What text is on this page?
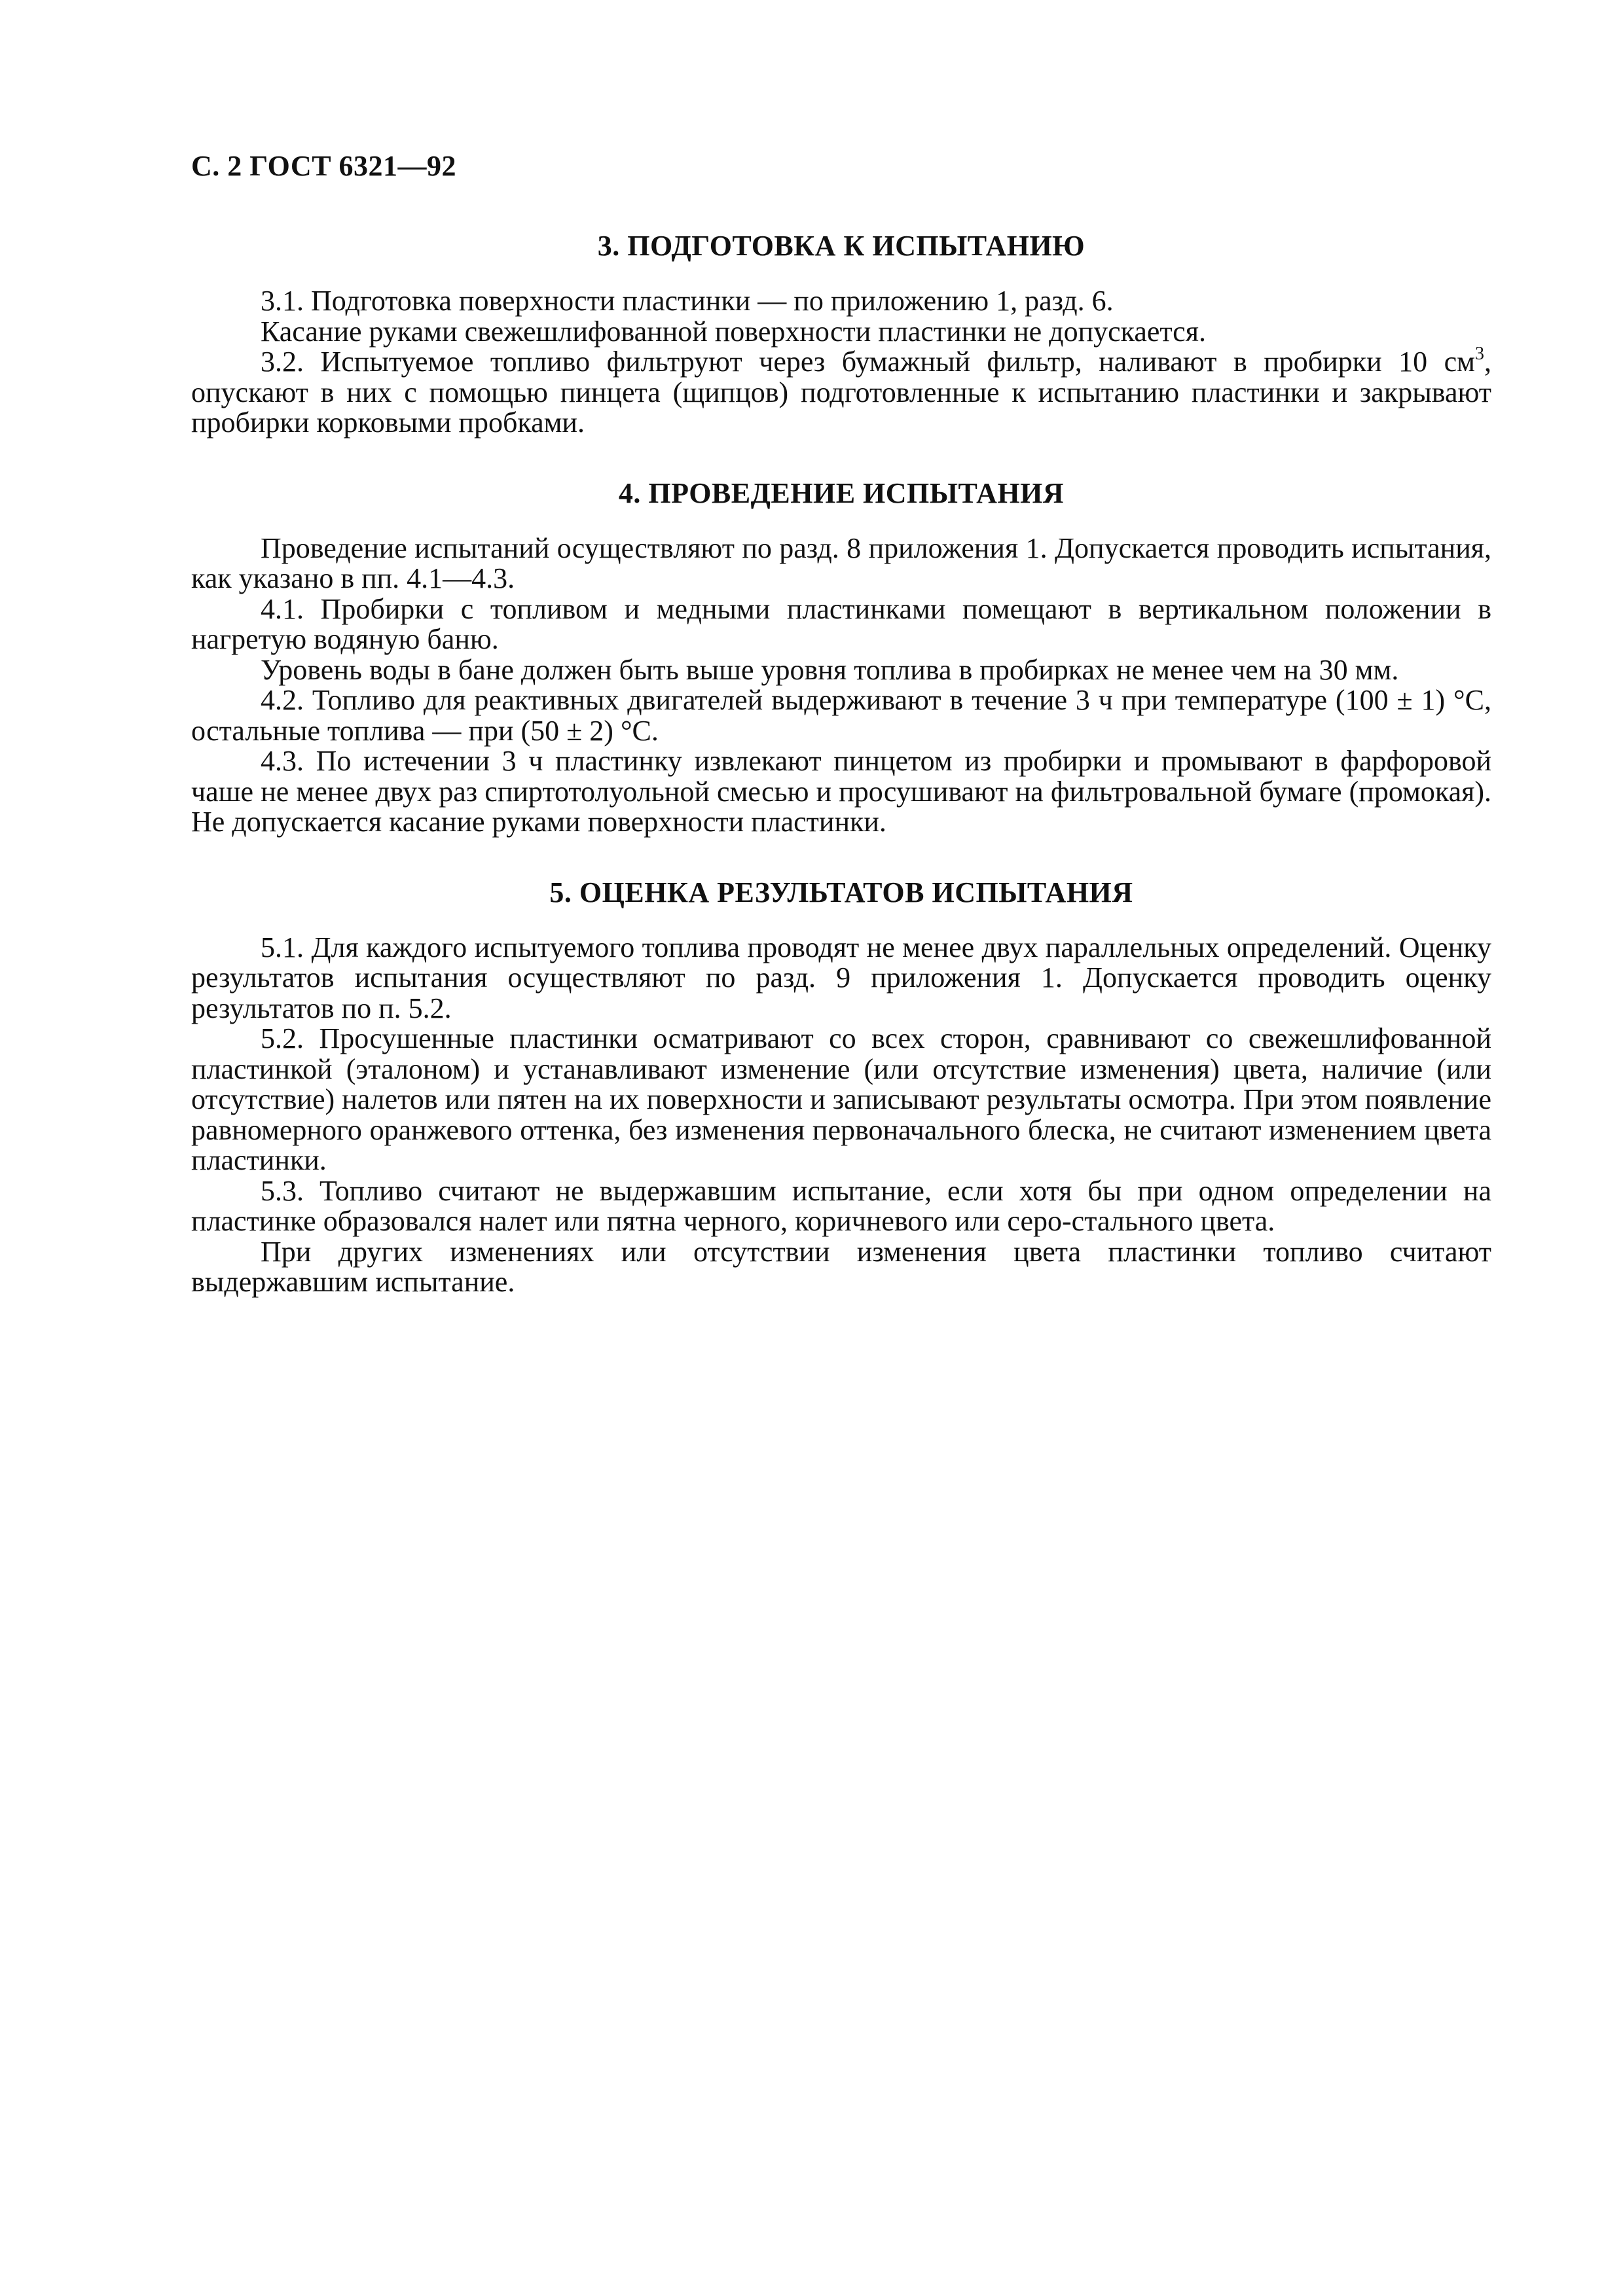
С. 2 ГОСТ 6321—92
3. ПОДГОТОВКА К ИСПЫТАНИЮ

3.1. Подготовка поверхности пластинки — по приложению 1, разд. 6.

Касание руками свежешлифованной поверхности пластинки не допускается.

3.2. Испытуемое топливо фильтруют через бумажный фильтр, наливают в пробирки 10 $см^3$, опускают в них с помощью пинцета (щипцов) подготовленные к испытанию пластинки и закрывают пробирки корковыми пробками.

4. ПРОВЕДЕНИЕ ИСПЫТАНИЯ

Проведение испытаний осуществляют по разд. 8 приложения 1. Допускается проводить испытания, как указано в пп. 4.1—4.3.

4.1. Пробирки с топливом и медными пластинками помещают в вертикальном положении в нагретую водяную баню.

Уровень воды в бане должен быть выше уровня топлива в пробирках не менее чем на 30 мм.

4.2. Топливо для реактивных двигателей выдерживают в течение 3 ч при температуре (100 ± 1) °С, остальные топлива — при (50 ± 2) °С.

4.3. По истечении 3 ч пластинку извлекают пинцетом из пробирки и промывают в фарфоровой чаше не менее двух раз спиртотолуольной смесью и просушивают на фильтровальной бумаге (промокая). Не допускается касание руками поверхности пластинки.

5. ОЦЕНКА РЕЗУЛЬТАТОВ ИСПЫТАНИЯ

5.1. Для каждого испытуемого топлива проводят не менее двух параллельных определений. Оценку результатов испытания осуществляют по разд. 9 приложения 1. Допускается проводить оценку результатов по п. 5.2.

5.2. Просушенные пластинки осматривают со всех сторон, сравнивают со свежешлифованной пластинкой (эталоном) и устанавливают изменение (или отсутствие изменения) цвета, наличие (или отсутствие) налетов или пятен на их поверхности и записывают результаты осмотра. При этом появление равномерного оранжевого оттенка, без изменения первоначального блеска, не считают изменением цвета пластинки.

5.3. Топливо считают не выдержавшим испытание, если хотя бы при одном определении на пластинке образовался налет или пятна черного, коричневого или серо-стального цвета.

При других изменениях или отсутствии изменения цвета пластинки топливо считают выдержавшим испытание.
